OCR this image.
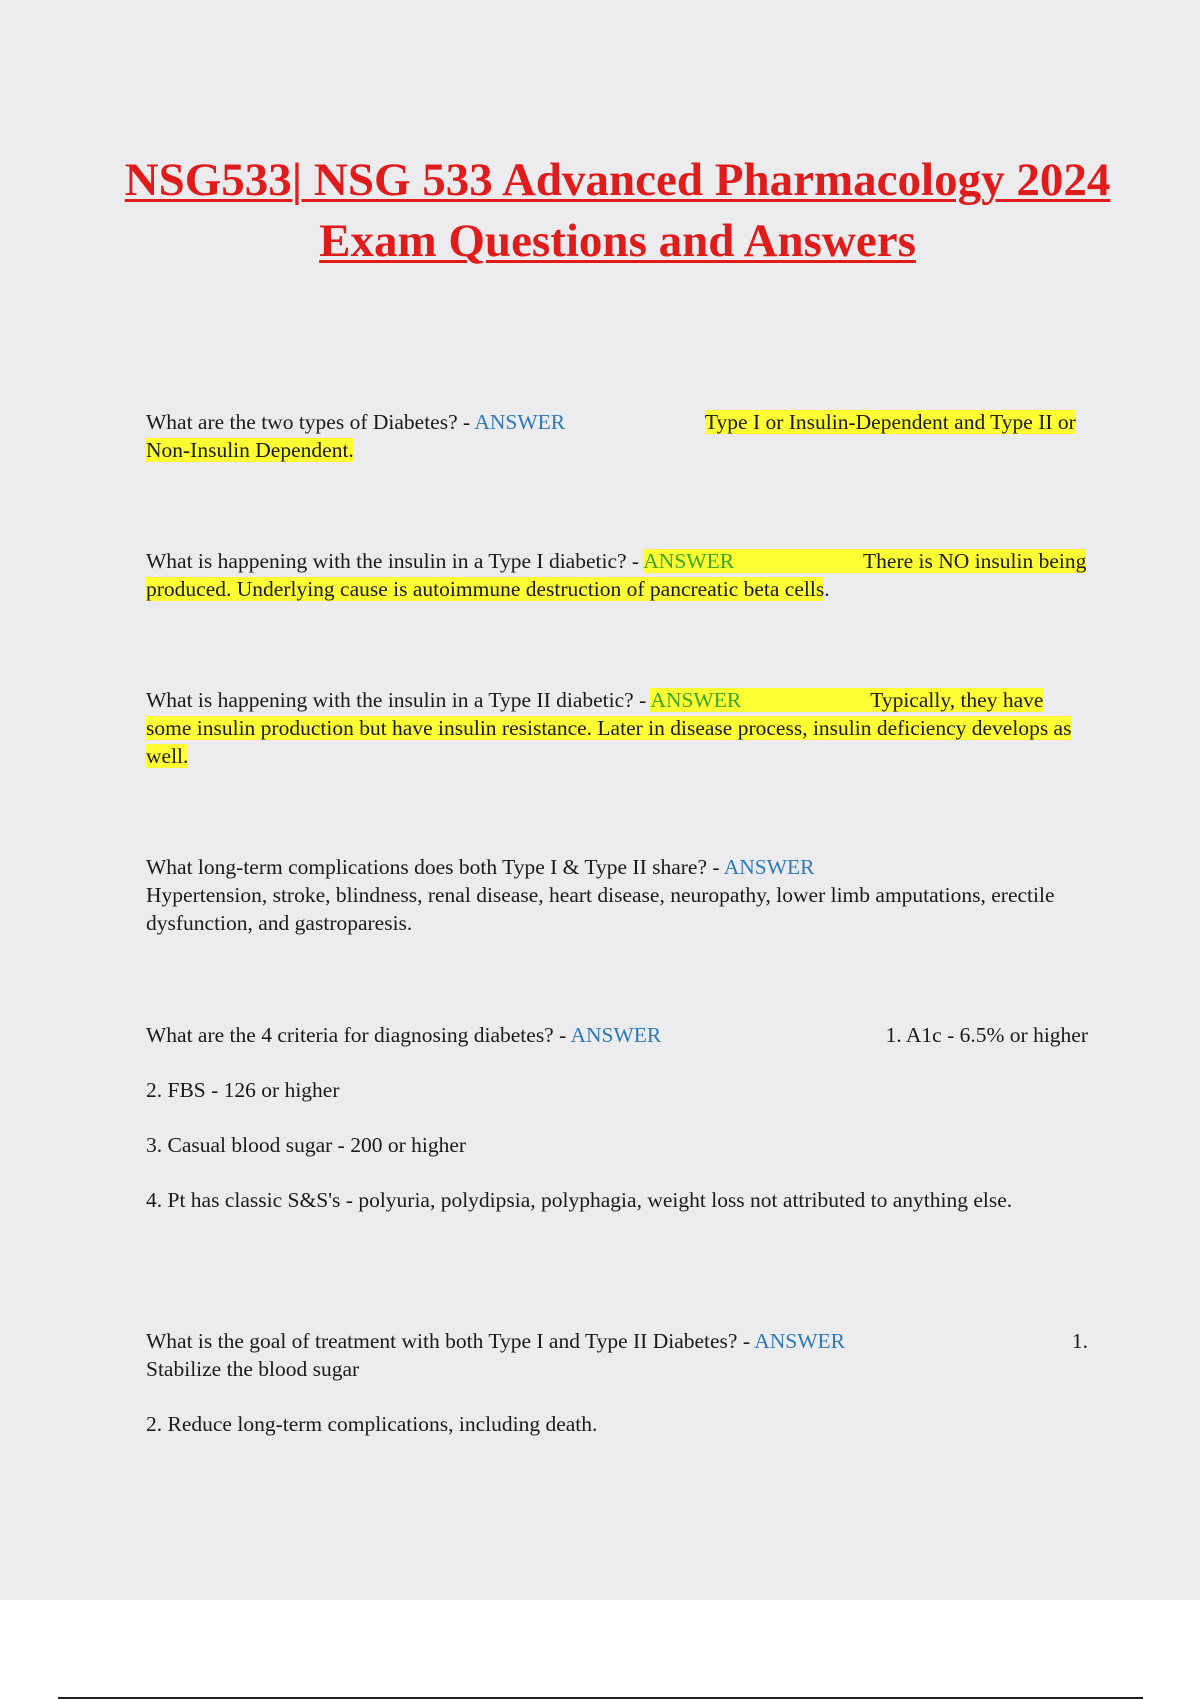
NSG533| NSG 533 Advanced Pharmacology 2024 Exam Questions and Answers

What are the two types of Diabetes? - ANSWER	Type I or Insulin-Dependent and Type II or Non-Insulin Dependent.

What is happening with the insulin in a Type I diabetic? - ANSWER	There is NO insulin being produced. Underlying cause is autoimmune destruction of pancreatic beta cells.

What is happening with the insulin in a Type II diabetic? - ANSWER	Typically, they have some insulin production but have insulin resistance. Later in disease process, insulin deficiency develops as well.

What long-term complications does both Type I & Type II share? - ANSWER
Hypertension, stroke, blindness, renal disease, heart disease, neuropathy, lower limb amputations, erectile dysfunction, and gastroparesis.

What are the 4 criteria for diagnosing diabetes? - ANSWER	1. A1c - 6.5% or higher

2. FBS - 126 or higher

3. Casual blood sugar - 200 or higher

4. Pt has classic S&S's - polyuria, polydipsia, polyphagia, weight loss not attributed to anything else.

What is the goal of treatment with both Type I and Type II Diabetes? - ANSWER	1.

Stabilize the blood sugar

2. Reduce long-term complications, including death.
